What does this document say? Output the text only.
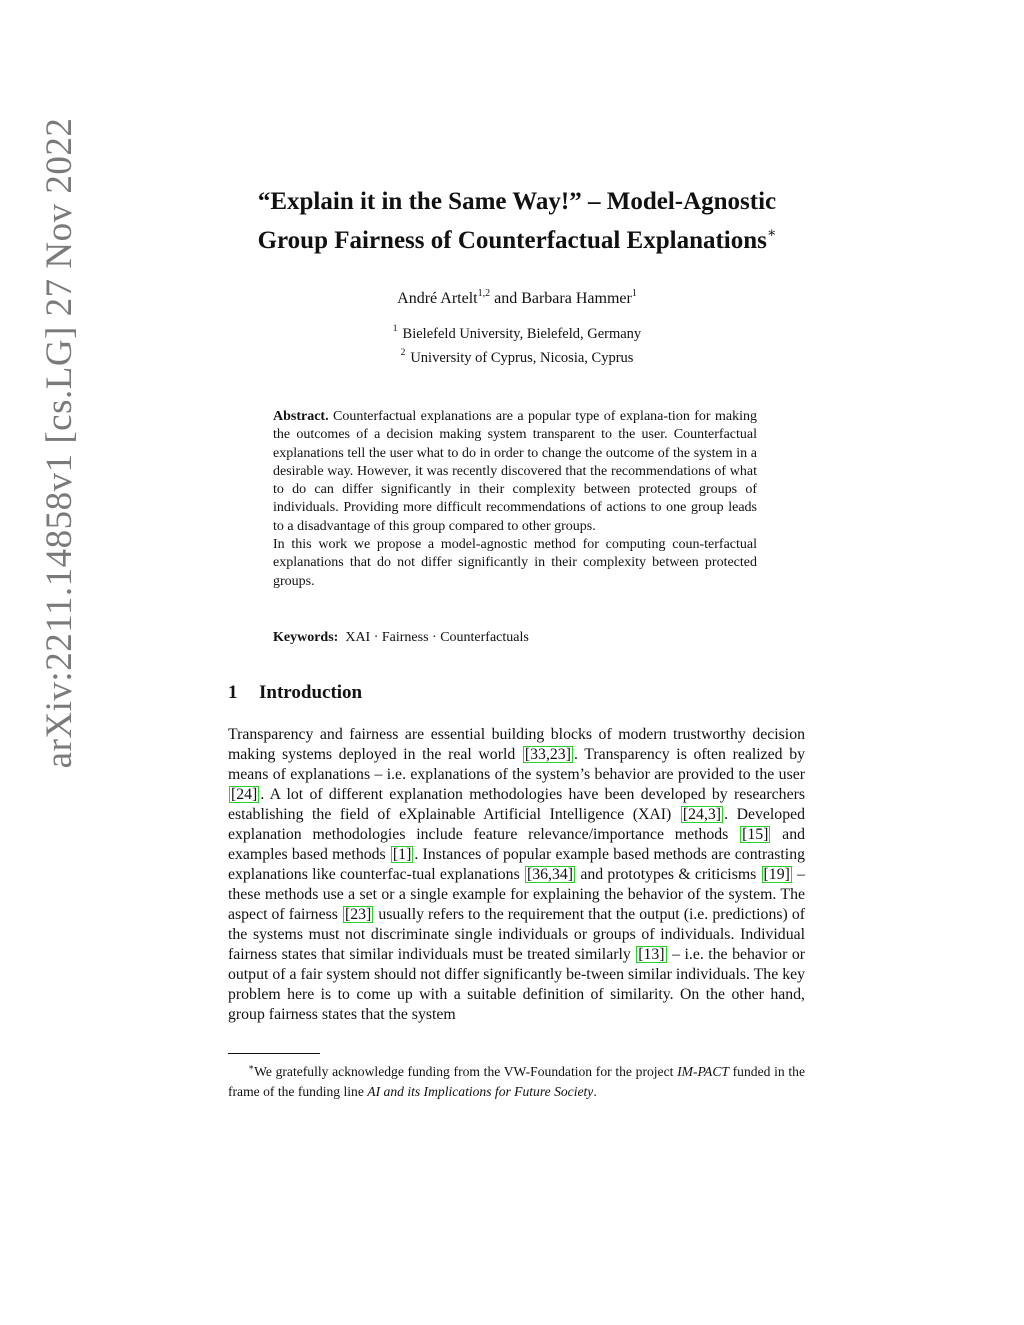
arXiv:2211.14858v1 [cs.LG] 27 Nov 2022	“Explain it in the Same Way!” – Model-Agnostic
Group Fairness of Counterfactual Explanations∗
André Artelt$^{1,2}$ and Barbara Hammer$^1$
$^1$ Bielefeld University, Bielefeld, Germany
$^2$ University of Cyprus, Nicosia, Cyprus

Abstract. Counterfactual explanations are a popular type of explana-tion for making the outcomes of a decision making system transparent to the user. Counterfactual explanations tell the user what to do in order to change the outcome of the system in a desirable way. However, it was recently discovered that the recommendations of what to do can differ significantly in their complexity between protected groups of individuals. Providing more difficult recommendations of actions to one group leads to a disadvantage of this group compared to other groups.

In this work we propose a model-agnostic method for computing coun-terfactual explanations that do not differ significantly in their complexity between protected groups.

Keywords: XAI · Fairness · Counterfactuals
1 Introduction

Transparency and fairness are essential building blocks of modern trustworthy decision making systems deployed in the real world [33,23] . Transparency is often realized by means of explanations – i.e. explanations of the system’s behavior are provided to the user [24] . A lot of different explanation methodologies have been developed by researchers establishing the field of eXplainable Artificial Intelligence (XAI) [24,3] . Developed explanation methodologies include feature relevance/importance methods [15] and examples based methods [1] . Instances of popular example based methods are contrasting explanations like counterfac-tual explanations [36,34] and prototypes & criticisms [19] – these methods use a set or a single example for explaining the behavior of the system. The aspect of fairness [23] usually refers to the requirement that the output (i.e. predictions) of the systems must not discriminate single individuals or groups of individuals. Individual fairness states that similar individuals must be treated similarly [13] – i.e. the behavior or output of a fair system should not differ significantly be-tween similar individuals. The key problem here is to come up with a suitable definition of similarity. On the other hand, group fairness states that the system

∗We gratefully acknowledge funding from the VW-Foundation for the project IM-PACT funded in the frame of the funding line AI and its Implications for Future Society.
